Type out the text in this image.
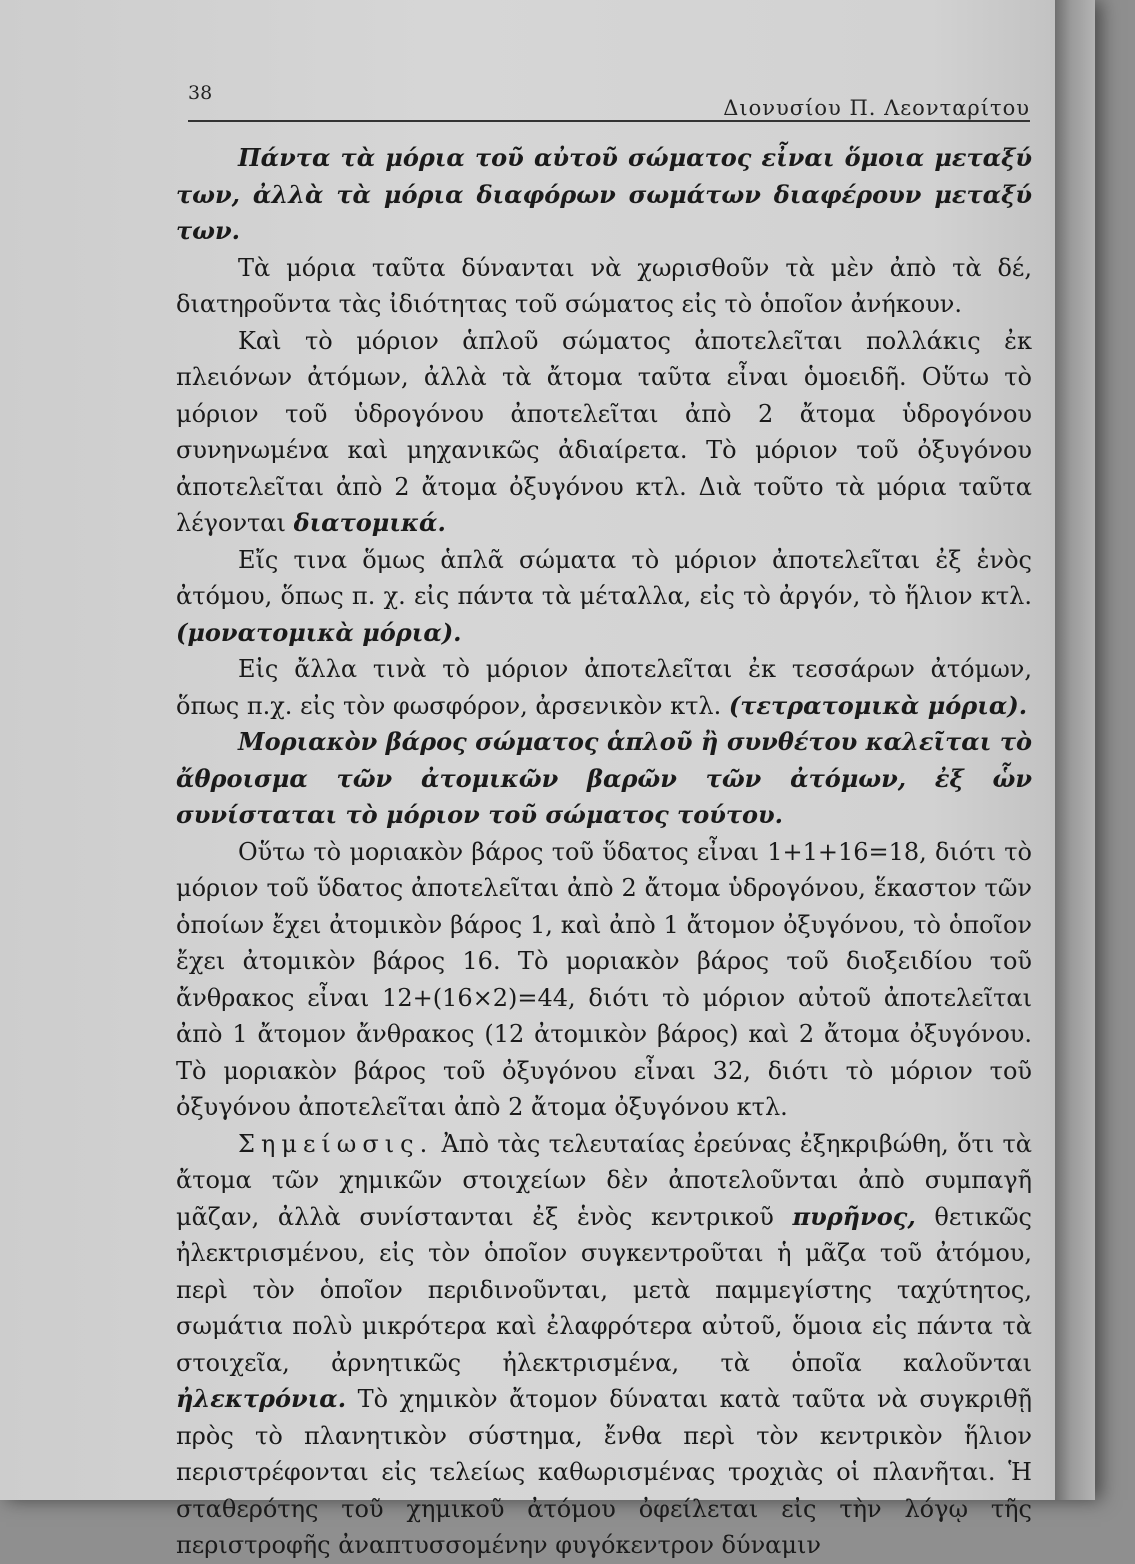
38
Διονυσίου Π. Λεονταρίτου

Πάντα τὰ μόρια τοῦ αὐτοῦ σώματος εἶναι ὅμοια μεταξύ των, ἀλλὰ τὰ μόρια διαφόρων σωμάτων διαφέρουν μεταξύ των.

Τὰ μόρια ταῦτα δύνανται νὰ χωρισθοῦν τὰ μὲν ἀπὸ τὰ δέ, διατηροῦντα τὰς ἰδιότητας τοῦ σώματος εἰς τὸ ὁποῖον ἀνήκουν.

Καὶ τὸ μόριον ἁπλοῦ σώματος ἀποτελεῖται πολλάκις ἐκ πλειόνων ἀτόμων, ἀλλὰ τὰ ἄτομα ταῦτα εἶναι ὁμοειδῆ. Οὕτω τὸ μόριον τοῦ ὑδρογόνου ἀποτελεῖται ἀπὸ 2 ἄτομα ὑδρογόνου συνηνωμένα καὶ μηχανικῶς ἀδιαίρετα. Τὸ μόριον τοῦ ὀξυγόνου ἀποτελεῖται ἀπὸ 2 ἄτομα ὀξυγόνου κτλ. Διὰ τοῦτο τὰ μόρια ταῦτα λέγονται διατομικά.

Εἴς τινα ὅμως ἁπλᾶ σώματα τὸ μόριον ἀποτελεῖται ἐξ ἑνὸς ἀτόμου, ὅπως π. χ. εἰς πάντα τὰ μέταλλα, εἰς τὸ ἀργόν, τὸ ἥλιον κτλ. (μονατομικὰ μόρια).

Εἰς ἄλλα τινὰ τὸ μόριον ἀποτελεῖται ἐκ τεσσάρων ἀτόμων, ὅπως π.χ. εἰς τὸν φωσφόρον, ἀρσενικὸν κτλ. (τετρατομικὰ μόρια).

Μοριακὸν βάρος σώματος ἁπλοῦ ἢ συνθέτου καλεῖται τὸ ἄθροισμα τῶν ἀτομικῶν βαρῶν τῶν ἀτόμων, ἐξ ὧν συνίσταται τὸ μόριον τοῦ σώματος τούτου.

Οὕτω τὸ μοριακὸν βάρος τοῦ ὕδατος εἶναι 1+1+16=18, διότι τὸ μόριον τοῦ ὕδατος ἀποτελεῖται ἀπὸ 2 ἄτομα ὑδρογόνου, ἕκαστον τῶν ὁποίων ἔχει ἀτομικὸν βάρος 1, καὶ ἀπὸ 1 ἄτομον ὀξυγόνου, τὸ ὁποῖον ἔχει ἀτομικὸν βάρος 16. Τὸ μοριακὸν βάρος τοῦ διοξειδίου τοῦ ἄνθρακος εἶναι 12+(16×2)=44, διότι τὸ μόριον αὐτοῦ ἀποτελεῖται ἀπὸ 1 ἄτομον ἄνθρακος (12 ἀτομικὸν βάρος) καὶ 2 ἄτομα ὀξυγόνου. Τὸ μοριακὸν βάρος τοῦ ὀξυγόνου εἶναι 32, διότι τὸ μόριον τοῦ ὀξυγόνου ἀποτελεῖται ἀπὸ 2 ἄτομα ὀξυγόνου κτλ.

Σημείωσις. Ἀπὸ τὰς τελευταίας ἐρεύνας ἐξηκριβώθη, ὅτι τὰ ἄτομα τῶν χημικῶν στοιχείων δὲν ἀποτελοῦνται ἀπὸ συμπαγῆ μᾶζαν, ἀλλὰ συνίστανται ἐξ ἑνὸς κεντρικοῦ πυρῆνος, θετικῶς ἠλεκτρισμένου, εἰς τὸν ὁποῖον συγκεντροῦται ἡ μᾶζα τοῦ ἀτόμου, περὶ τὸν ὁποῖον περιδινοῦνται, μετὰ παμμεγίστης ταχύτητος, σωμάτια πολὺ μικρότερα καὶ ἐλαφρότερα αὐτοῦ, ὅμοια εἰς πάντα τὰ στοιχεῖα, ἀρνητικῶς ἠλεκτρισμένα, τὰ ὁποῖα καλοῦνται ἠλεκτρόνια. Τὸ χημικὸν ἄτομον δύναται κατὰ ταῦτα νὰ συγκριθῇ πρὸς τὸ πλανητικὸν σύστημα, ἔνθα περὶ τὸν κεντρικὸν ἥλιον περιστρέφονται εἰς τελείως καθωρισμένας τροχιὰς οἱ πλανῆται. Ἡ σταθερότης τοῦ χημικοῦ ἀτόμου ὀφείλεται εἰς τὴν λόγῳ τῆς περιστροφῆς ἀναπτυσσομένην φυγόκεντρον δύναμιν
